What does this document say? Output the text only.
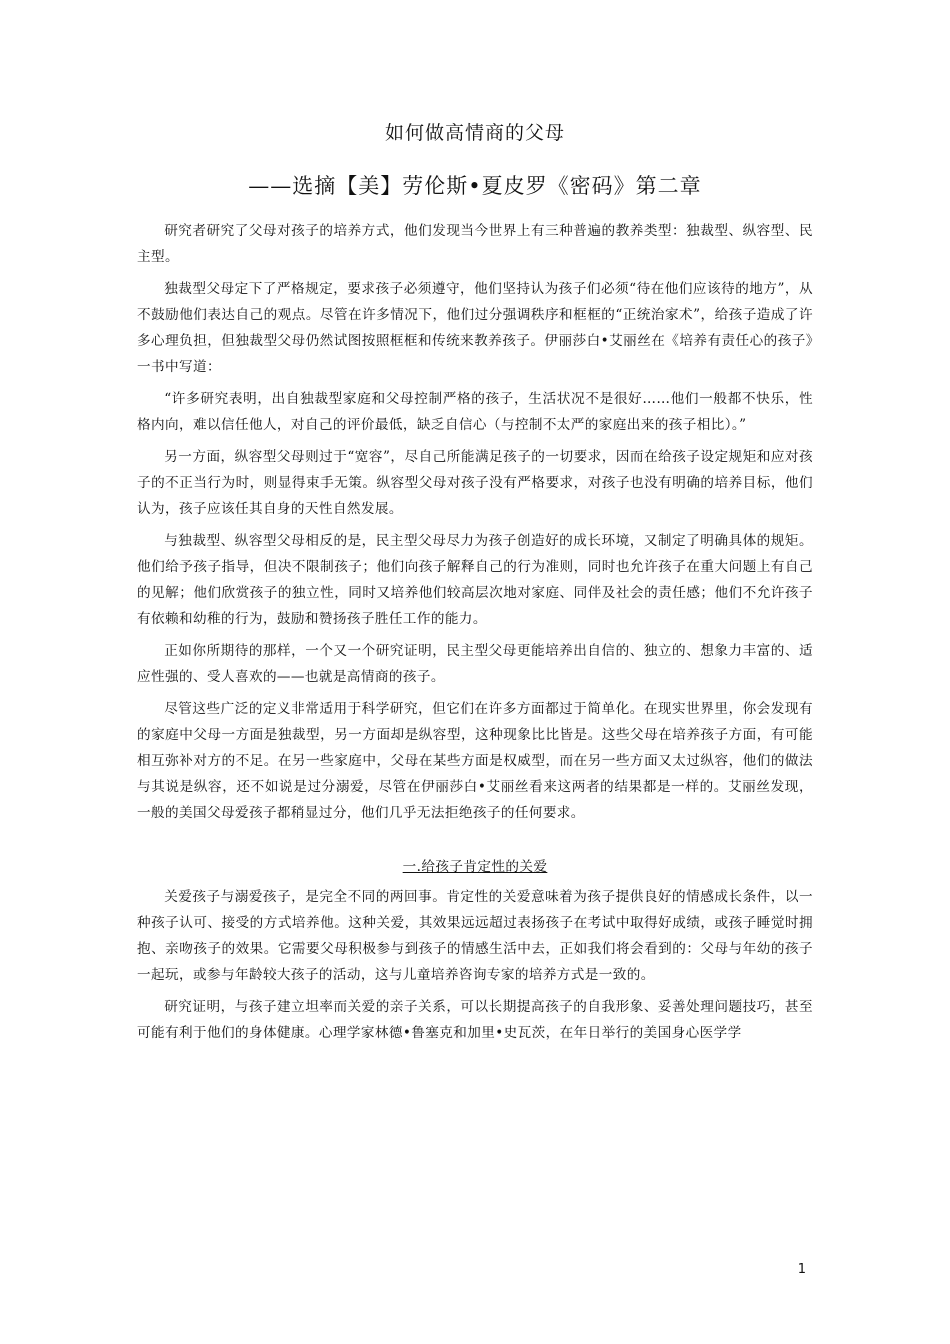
如何做高情商的父母
——选摘【美】劳伦斯•夏皮罗《密码》第二章

研究者研究了父母对孩子的培养方式，他们发现当今世界上有三种普遍的教养类型：独裁型、纵容型、民主型。

独裁型父母定下了严格规定，要求孩子必须遵守，他们坚持认为孩子们必须“待在他们应该待的地方”，从不鼓励他们表达自己的观点。尽管在许多情况下，他们过分强调秩序和框框的“正统治家术”，给孩子造成了许多心理负担，但独裁型父母仍然试图按照框框和传统来教养孩子。伊丽莎白•艾丽丝在《培养有责任心的孩子》一书中写道：

“许多研究表明，出自独裁型家庭和父母控制严格的孩子，生活状况不是很好……他们一般都不快乐，性格内向，难以信任他人，对自己的评价最低，缺乏自信心（与控制不太严的家庭出来的孩子相比）。”

另一方面，纵容型父母则过于“宽容”，尽自己所能满足孩子的一切要求，因而在给孩子设定规矩和应对孩子的不正当行为时，则显得束手无策。纵容型父母对孩子没有严格要求，对孩子也没有明确的培养目标，他们认为，孩子应该任其自身的天性自然发展。

与独裁型、纵容型父母相反的是，民主型父母尽力为孩子创造好的成长环境，又制定了明确具体的规矩。他们给予孩子指导，但决不限制孩子；他们向孩子解释自己的行为准则，同时也允许孩子在重大问题上有自己的见解；他们欣赏孩子的独立性，同时又培养他们较高层次地对家庭、同伴及社会的责任感；他们不允许孩子有依赖和幼稚的行为，鼓励和赞扬孩子胜任工作的能力。

正如你所期待的那样，一个又一个研究证明，民主型父母更能培养出自信的、独立的、想象力丰富的、适应性强的、受人喜欢的——也就是高情商的孩子。

尽管这些广泛的定义非常适用于科学研究，但它们在许多方面都过于简单化。在现实世界里，你会发现有的家庭中父母一方面是独裁型，另一方面却是纵容型，这种现象比比皆是。这些父母在培养孩子方面，有可能相互弥补对方的不足。在另一些家庭中，父母在某些方面是权威型，而在另一些方面又太过纵容，他们的做法与其说是纵容，还不如说是过分溺爱，尽管在伊丽莎白•艾丽丝看来这两者的结果都是一样的。艾丽丝发现，一般的美国父母爱孩子都稍显过分，他们几乎无法拒绝孩子的任何要求。

一.给孩子肯定性的关爱

关爱孩子与溺爱孩子，是完全不同的两回事。肯定性的关爱意味着为孩子提供良好的情感成长条件，以一种孩子认可、接受的方式培养他。这种关爱，其效果远远超过表扬孩子在考试中取得好成绩，或孩子睡觉时拥抱、亲吻孩子的效果。它需要父母积极参与到孩子的情感生活中去，正如我们将会看到的：父母与年幼的孩子一起玩，或参与年龄较大孩子的活动，这与儿童培养咨询专家的培养方式是一致的。

研究证明，与孩子建立坦率而关爱的亲子关系，可以长期提高孩子的自我形象、妥善处理问题技巧，甚至可能有利于他们的身体健康。心理学家林德•鲁塞克和加里•史瓦茨，在年日举行的美国身心医学学

1
